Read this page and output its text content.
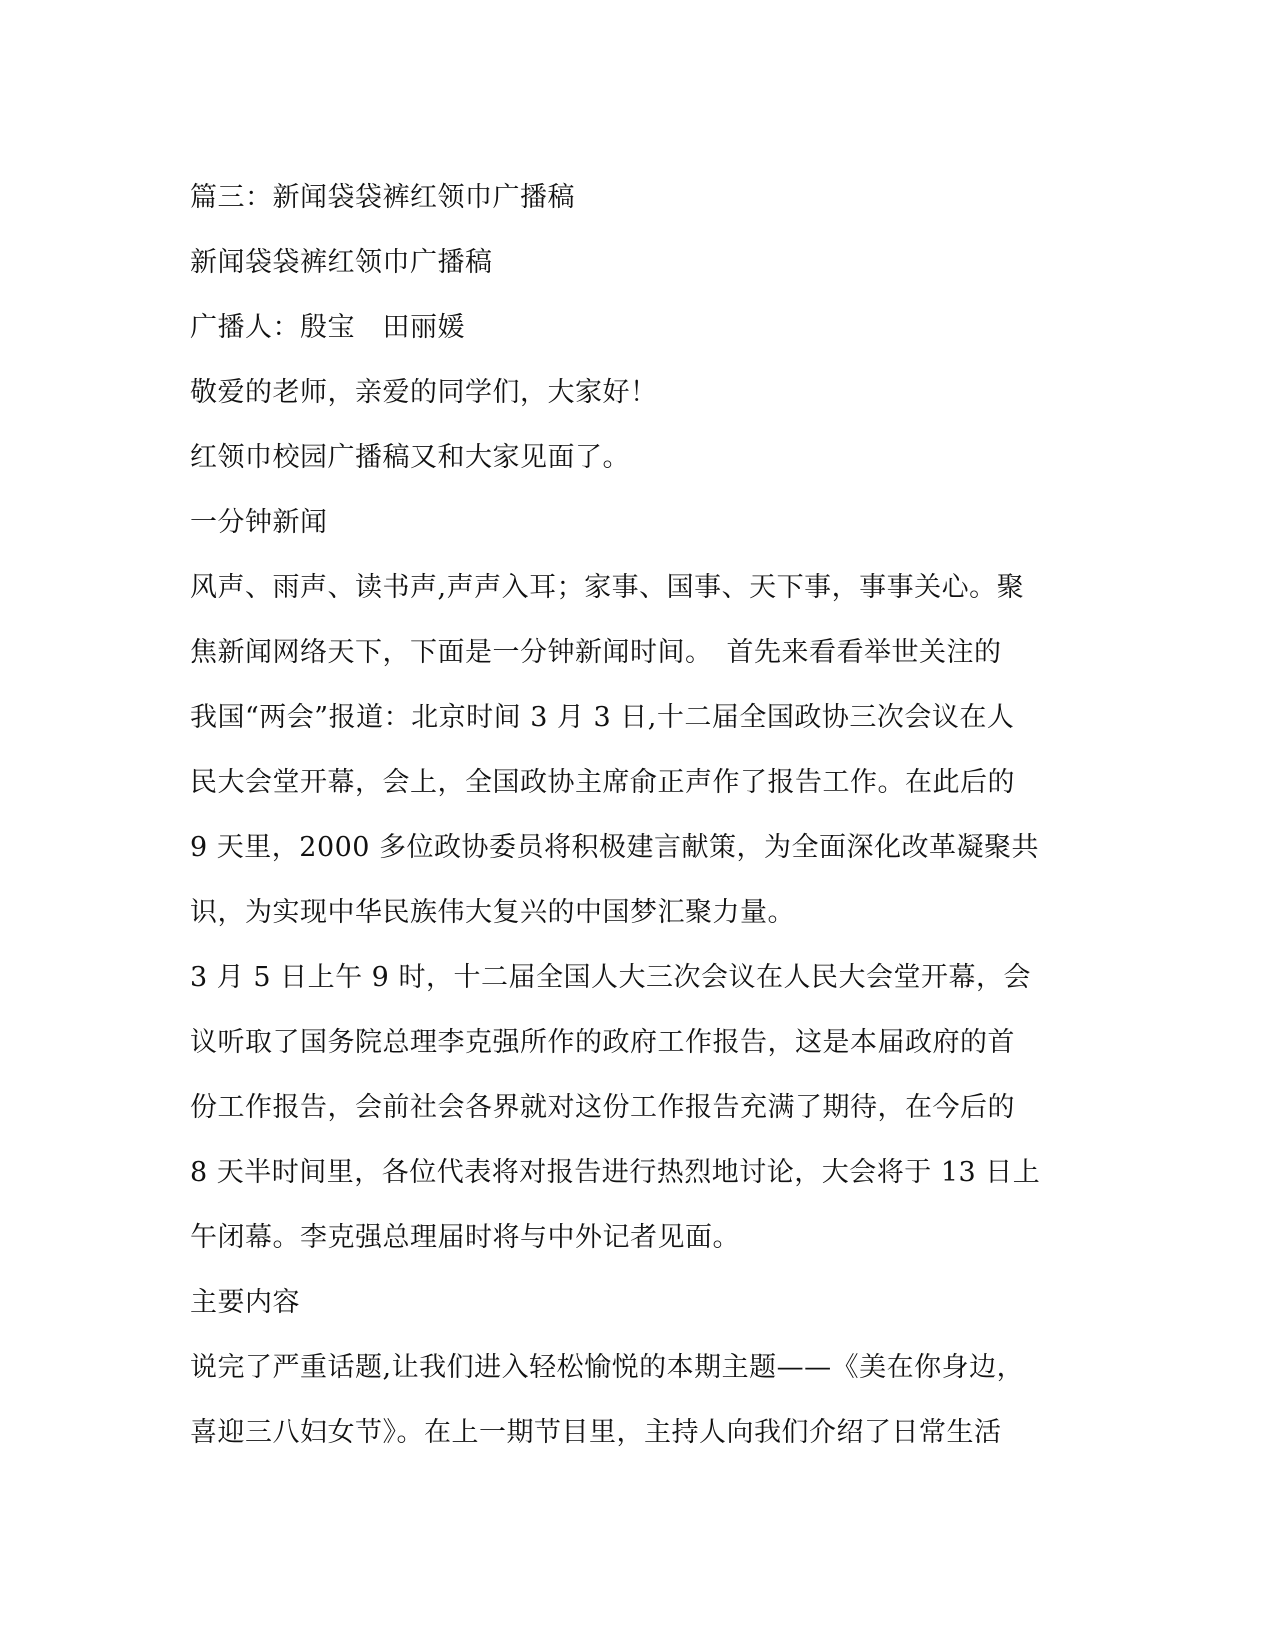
篇三：新闻袋袋裤红领巾广播稿

新闻袋袋裤红领巾广播稿

广播人：殷宝　田丽媛

敬爱的老师，亲爱的同学们，大家好！

红领巾校园广播稿又和大家见面了。

一分钟新闻

风声、雨声、读书声,声声入耳；家事、国事、天下事，事事关心。聚

焦新闻网络天下，下面是一分钟新闻时间。　首先来看看举世关注的

我国“两会”报道：北京时间 3 月 3 日,十二届全国政协三次会议在人

民大会堂开幕，会上，全国政协主席俞正声作了报告工作。在此后的

9 天里，2000 多位政协委员将积极建言献策，为全面深化改革凝聚共

识，为实现中华民族伟大复兴的中国梦汇聚力量。

3 月 5 日上午 9 时，十二届全国人大三次会议在人民大会堂开幕，会

议听取了国务院总理李克强所作的政府工作报告，这是本届政府的首

份工作报告，会前社会各界就对这份工作报告充满了期待，在今后的

8 天半时间里，各位代表将对报告进行热烈地讨论，大会将于 13 日上

午闭幕。李克强总理届时将与中外记者见面。

主要内容

说完了严重话题,让我们进入轻松愉悦的本期主题——《美在你身边，

喜迎三八妇女节》。在上一期节目里，主持人向我们介绍了日常生活
